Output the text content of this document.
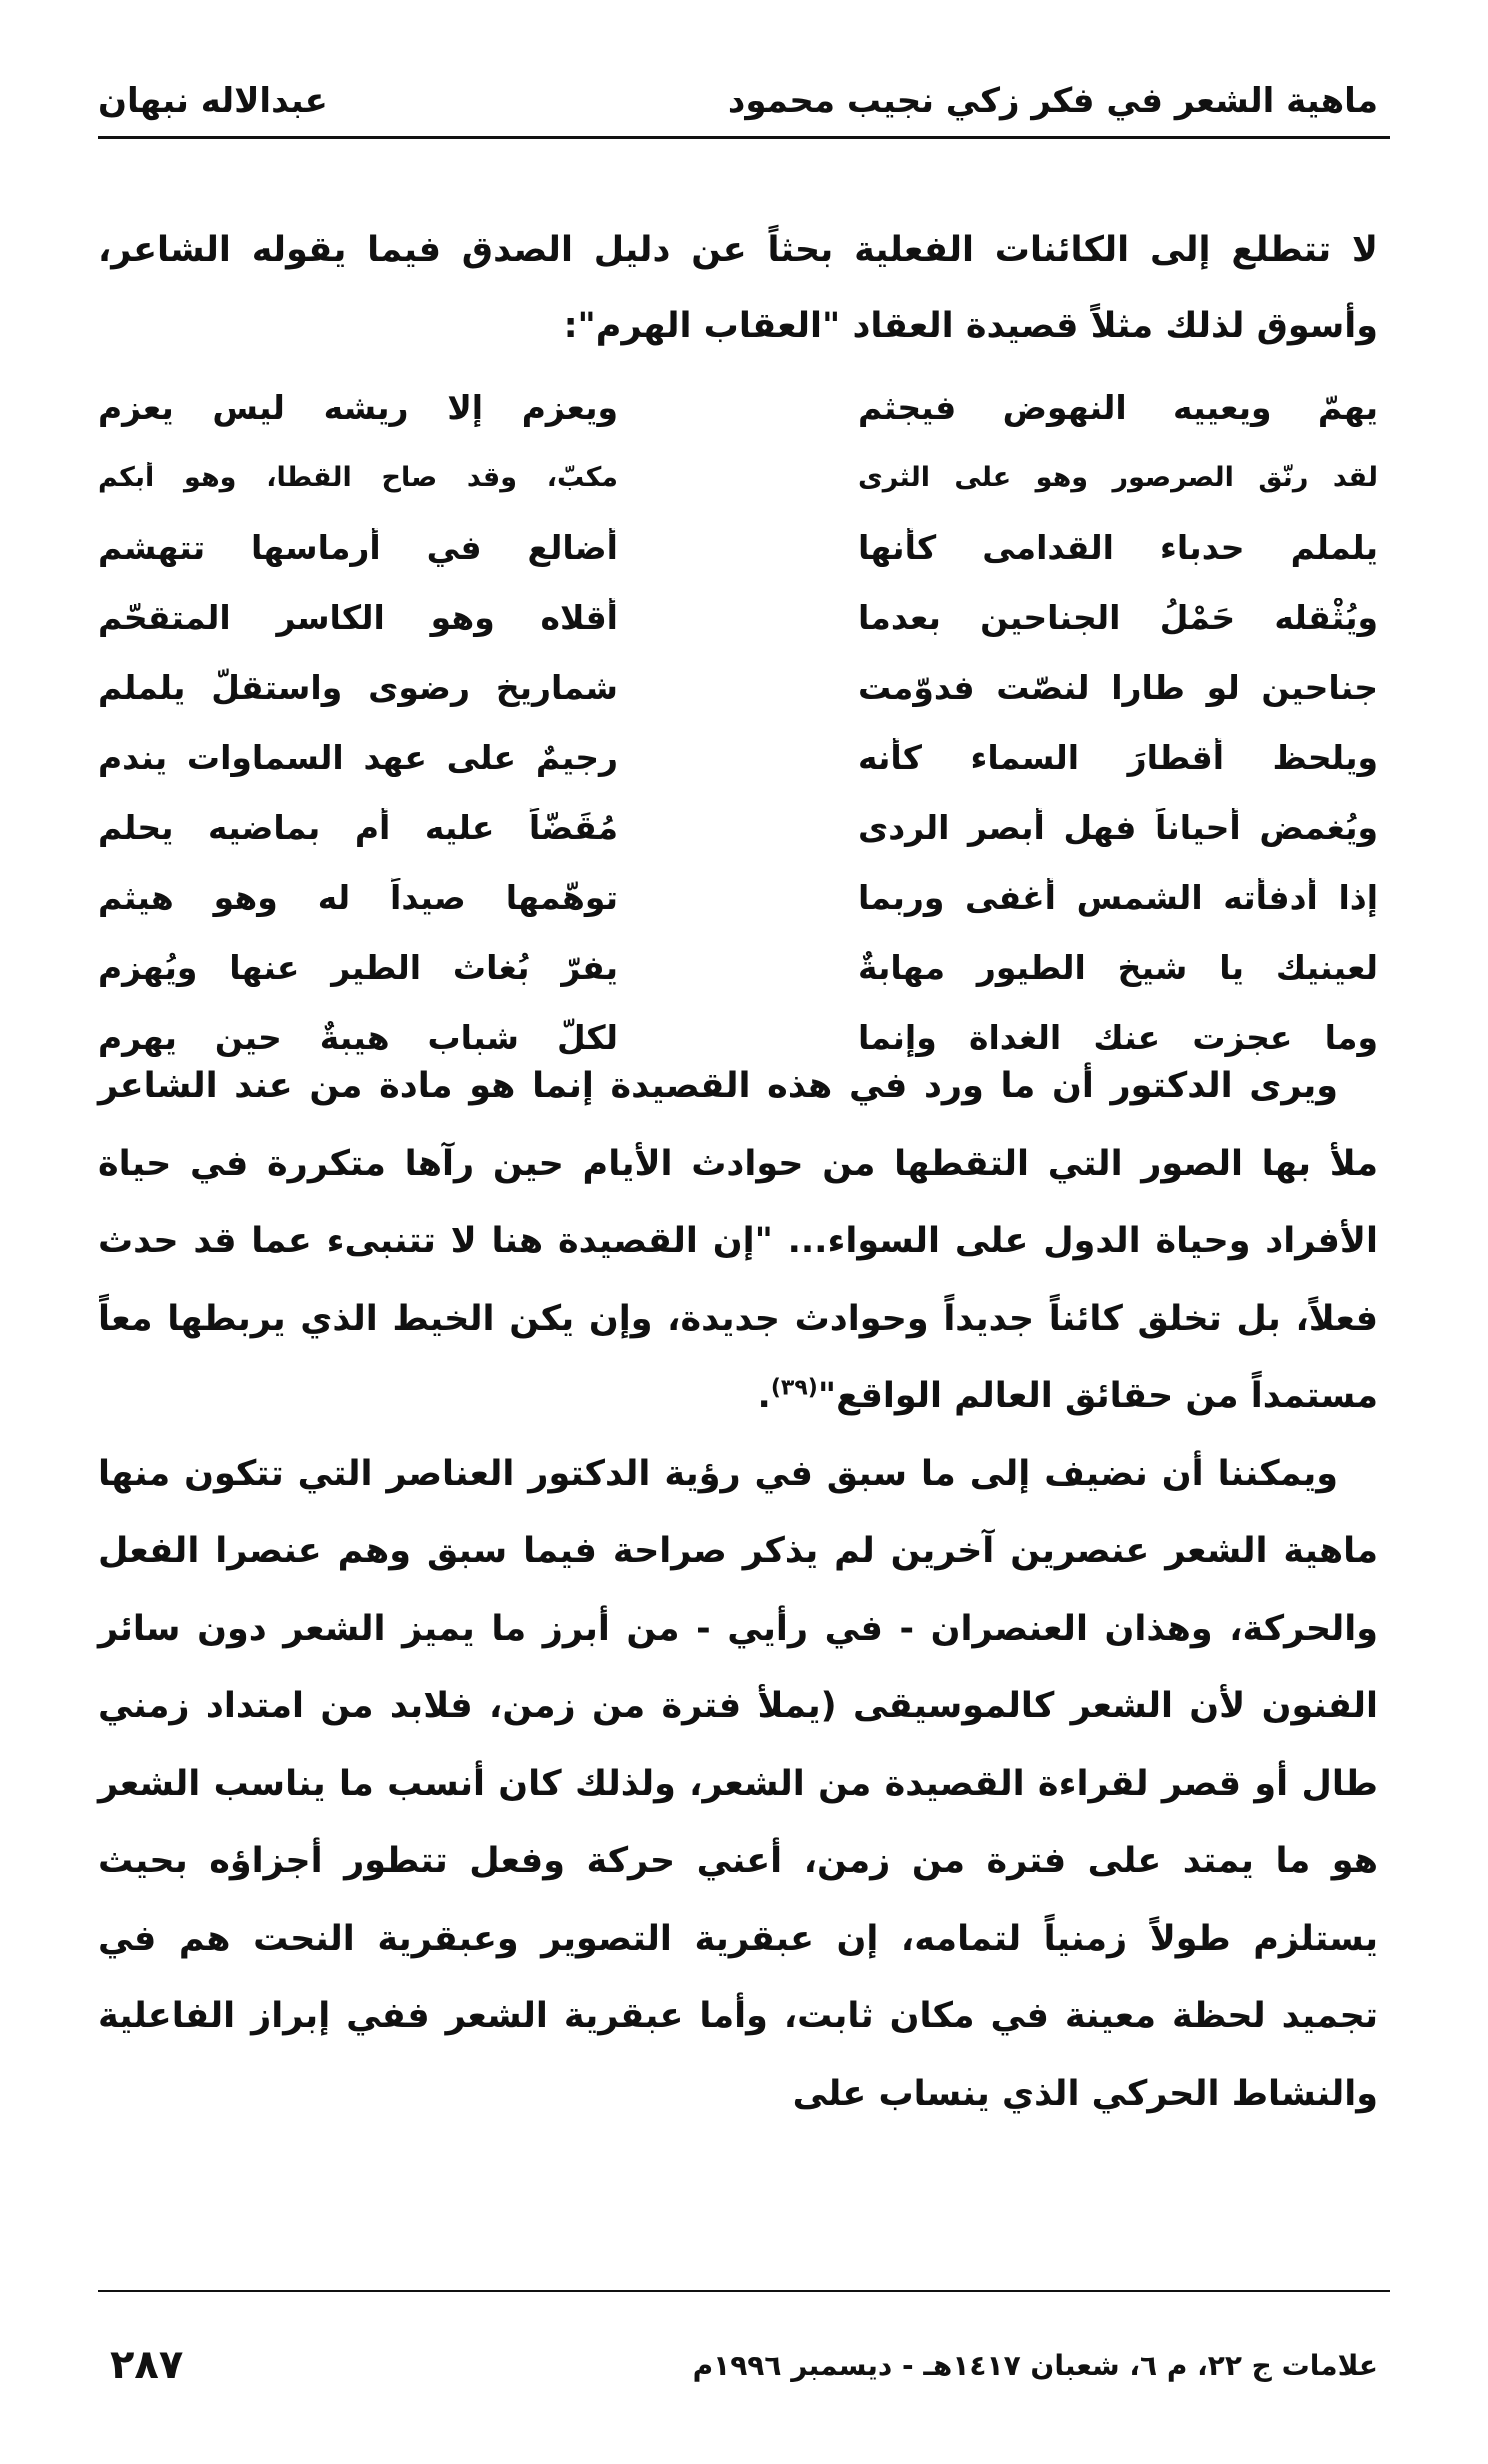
ماهية الشعر في فكر زكي نجيب محمود
عبدالاله نبهان

لا تتطلع إلى الكائنات الفعلية بحثاً عن دليل الصدق فيما يقوله الشاعر،

وأسوق لذلك مثلاً قصيدة العقاد "العقاب الهرم":

يهمّ ويعييه النهوض فيجثم
ويعزم إلا ريشه ليس يعزم
لقد رنّق الصرصور وهو على الثرى
مكبّ، وقد صاح القطا، وهو أبكم
يلملم حدباء القدامى كأنها
أضالع في أرماسها تتهشم
ويُثْقله حَمْلُ الجناحين بعدما
أقلاه وهو الكاسر المتقحّم
جناحين لو طارا لنصّت فدوّمت
شماريخ رضوى واستقلّ يلملم
ويلحظ أقطارَ السماء كأنه
رجيمٌ على عهد السماوات يندم
ويُغمض أحياناً فهل أبصر الردى
مُقَضّاً عليه أم بماضيه يحلم
إذا أدفأته الشمس أغفى وربما
توهّمها صيداً له وهو هيثم
لعينيك يا شيخ الطيور مهابةٌ
يفرّ بُغاث الطير عنها ويُهزم
وما عجزت عنك الغداة وإنما
لكلّ شباب هيبةٌ حين يهرم

ويرى الدكتور أن ما ورد في هذه القصيدة إنما هو مادة من عند الشاعر ملأ بها الصور التي التقطها من حوادث الأيام حين رآها متكررة في حياة الأفراد وحياة الدول على السواء... "إن القصيدة هنا لا تتنبىء عما قد حدث فعلاً، بل تخلق كائناً جديداً وحوادث جديدة، وإن يكن الخيط الذي يربطها معاً مستمداً من حقائق العالم الواقع"$^{(٣٩)}$.

ويمكننا أن نضيف إلى ما سبق في رؤية الدكتور العناصر التي تتكون منها ماهية الشعر عنصرين آخرين لم يذكر صراحة فيما سبق وهم عنصرا الفعل والحركة، وهذان العنصران - في رأيي - من أبرز ما يميز الشعر دون سائر الفنون لأن الشعر كالموسيقى (يملأ فترة من زمن، فلابد من امتداد زمني طال أو قصر لقراءة القصيدة من الشعر، ولذلك كان أنسب ما يناسب الشعر هو ما يمتد على فترة من زمن، أعني حركة وفعل تتطور أجزاؤه بحيث يستلزم طولاً زمنياً لتمامه، إن عبقرية التصوير وعبقرية النحت هم في تجميد لحظة معينة في مكان ثابت، وأما عبقرية الشعر ففي إبراز الفاعلية والنشاط الحركي الذي ينساب على

علامات ج ٢٢، م ٦، شعبان ١٤١٧هـ - ديسمبر ١٩٩٦م
٢٨٧
